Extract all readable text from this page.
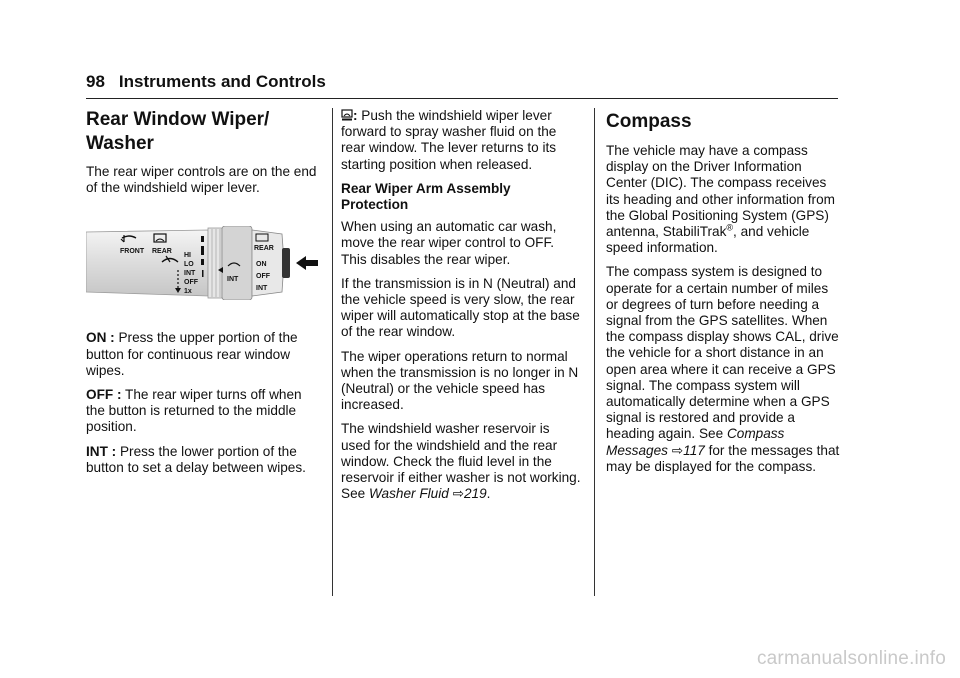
98 Instruments and Controls
Rear Window Wiper/
Washer

The rear wiper controls are on the end of the windshield wiper lever.

FRONT REAR
HI
LO
INT
OFF
1x
INT
REAR
ON
OFF
INT

ON : Press the upper portion of the button for continuous rear window wipes.

OFF : The rear wiper turns off when the button is returned to the middle position.

INT : Press the lower portion of the button to set a delay between wipes.

: Push the windshield wiper lever forward to spray washer fluid on the rear window. The lever returns to its starting position when released.

Rear Wiper Arm Assembly Protection

When using an automatic car wash, move the rear wiper control to OFF. This disables the rear wiper.

If the transmission is in N (Neutral) and the vehicle speed is very slow, the rear wiper will automatically stop at the base of the rear window.

The wiper operations return to normal when the transmission is no longer in N (Neutral) or the vehicle speed has increased.

The windshield washer reservoir is used for the windshield and the rear window. Check the fluid level in the reservoir if either washer is not working. See Washer Fluid ⇨219.

Compass

The vehicle may have a compass display on the Driver Information Center (DIC). The compass receives its heading and other information from the Global Positioning System (GPS) antenna, StabiliTrak®, and vehicle speed information.

The compass system is designed to operate for a certain number of miles or degrees of turn before needing a signal from the GPS satellites. When the compass display shows CAL, drive the vehicle for a short distance in an open area where it can receive a GPS signal. The compass system will automatically determine when a GPS signal is restored and provide a heading again. See Compass Messages ⇨117 for the messages that may be displayed for the compass.

carmanualsonline.info
